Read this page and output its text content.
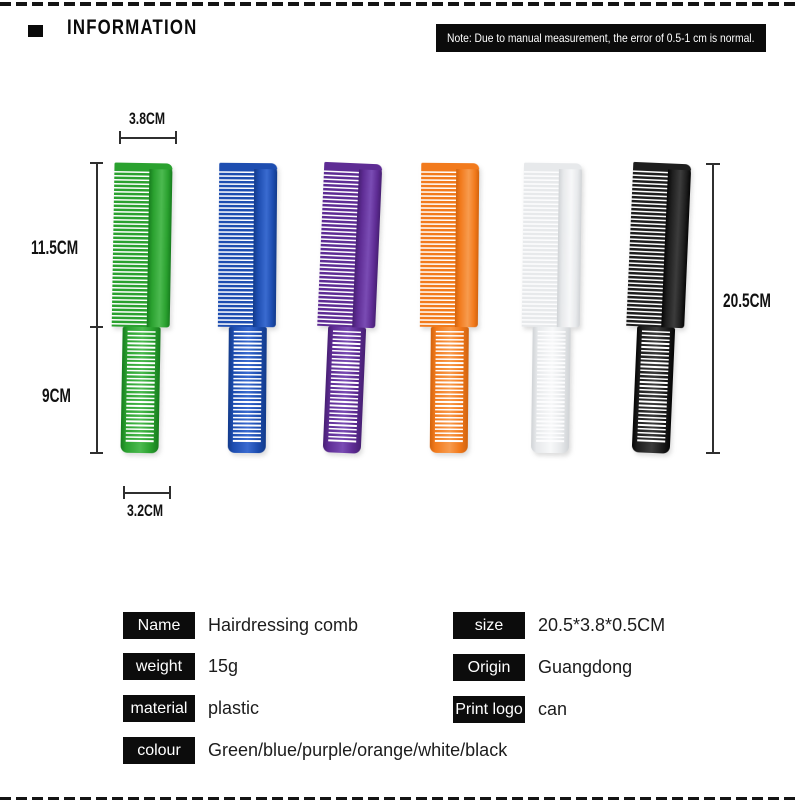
INFORMATION	Note: Due to manual measurement, the error of 0.5-1 cm is normal.
3.8CM
11.5CM
9CM
3.2CM
20.5CM
Name	Hairdressing comb
weight	15g
material	plastic
colour	Green/blue/purple/orange/white/black
size	20.5*3.8*0.5CM
Origin	Guangdong
Print logo can
